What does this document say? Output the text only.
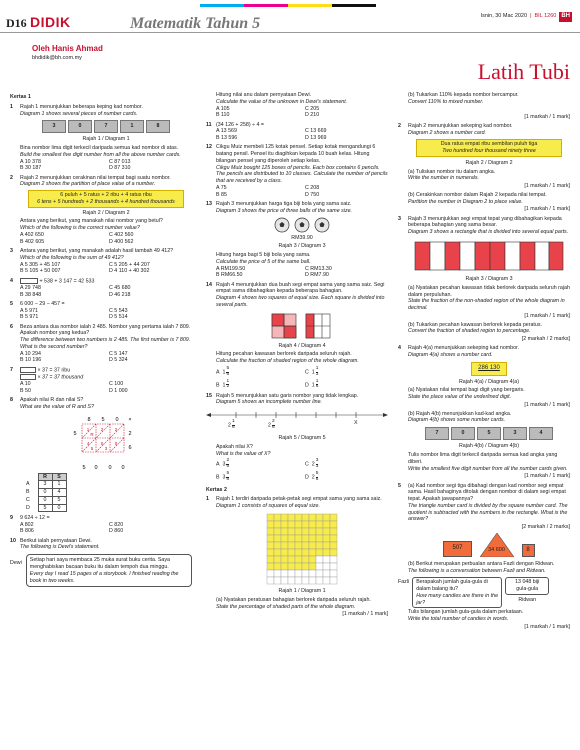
D16 DIDIK	Matematik Tahun 5	Isnin, 30 Mac 2020 | BIL 1260 BH
Oleh Hanis Ahmad
bhdidik@bh.com.my
Latih Tubi
Kertas 1
1 Rajah 1 menunjukkan beberapa keping kad nombor.
Diagram 1 shows several pieces of number cards.
3	0	7	1	8
Rajah 1 / Diagram 1
Bina nombor lima digit terkecil daripada semua kad nombor di atas.
Build the smallest five digit number from all the above number cards.
A 10 378	C 87 013
B 30 187	D 87 310
2 Rajah 2 menunjukkan cerakinan nilai tempat bagi suatu nombor.
Diagram 2 shows the partition of place value of a number.
6 puluh + 5 ratus + 2 ribu + 4 ratus ribu
6 tens + 5 hundreds + 2 thousands + 4 hundred thousands
Rajah 2 / Diagram 2
Antara yang berikut, yang manakah nilai nombor yang betul?
Which of the following is the correct number value?
A 402 650	C 402 560
B 402 605	D 400 562
3 Antara yang berikut, yang manakah adalah hasil tambah 49 412?
Which of the following is the sum of 49 412?
A 5 305 + 45 107	C 5 205 + 44 207
B 5 105 + 50 007	D 4 110 + 40 302
4	+ 538 + 3 147 = 42 533
A 29 748	C 45 680
B 38 848	D 46 218
5 6 000 − 29 − 457 =
A 5 971	C 5 543
B 5 971	D 5 514
6 Beza antara dua nombor ialah 2 485. Nombor yang pertama ialah 7 809.
Apakah nombor yang kedua?
The difference between two numbers is 2 485. The first number is 7 809.
What is the second number?
A 10 294	C 5 147
B 10 196	D 5 324
7	× 37 = 37 ribu
× 37 = 37 thousand
A 10	C 100
B 50	D 1 000
8 Apakah nilai R dan nilai S?
What are the value of R and S?
8 5 0 ×
2
6
5
5 0 0 0
1
R
2	2
4
5
S
3
0
	R	S
A	3	1
B	0	4
C	0	5
D	5	0
9 9 624 ÷ 12 =
A 802	C 820
B 806	D 860
10 Berikut ialah pernyataan Dewi.
The following is Dewi's statement.
Dewi Setiap hari saya membaca 25 muka surat buku cerita. Saya menghabiskan bacaan buku itu dalam tempoh dua minggu.
Every day I read 15 pages of a storybook. I finished reading the book in two weeks.
Hitung nilai anu dalam pernyataan Dewi.
Calculate the value of the unknown in Dewi's statement.
A 105	C 205
B 110	D 210
11 (34 126 + 258) ÷ 4 =
A 13 569	C 13 669
B 13 596	D 13 969
12 Cikgu Muiz membeli 125 kotak pensel. Setiap kotak mengandungi 6 batang pensil. Pensel itu diagihkan kepada 10 buah kelas. Hitung bilangan pensel yang diperoleh setiap kelas.
Cikgu Muiz bought 125 boxes of pencils. Each box contains 6 pencils. The pencils are distributed to 10 classes. Calculate the number of pencils that are received by a class.
A 75	C 208
B 85	D 750
13 Rajah 3 menunjukkan harga tiga biji bola yang sama saiz.
Diagram 3 shows the price of three balls of the same size.
RM39.90
Rajah 3 / Diagram 3
Hitung harga bagi 5 biji bola yang sama.
Calculate the price of 5 of the same ball.
A RM199.50	C RM13.30
B RM66.50	D RM7.90
14 Rajah 4 menunjukkan dua buah segi empat sama yang sama saiz. Segi empat sama dibahagikan kepada beberapa bahagian.
Diagram 4 shows two squares of equal size. Each square is divided into several parts.
Rajah 4 / Diagram 4
Hitung pecahan kawasan berlorek daripada seluruh rajah.
Calculate the fraction of shaded region of the whole diagram.
A $1 \frac{5}{6}$	C $1 \frac{1}{3}$
B $1 \frac{1}{2}$	D $1 \frac{1}{6}$
15 Rajah 5 menunjukkan satu garis nombor yang tidak lengkap.
Diagram 5 shows an incomplete number line.
$2 \frac{1}{6}$	$2 \frac{2}{6}$	X
Rajah 5 / Diagram 5
Apakah nilai X?
What is the value of X?
A $3 \frac{2}{6}$	C $2 \frac{3}{3}$
B $3 \frac{5}{6}$	D $2 \frac{5}{6}$
Kertas 2
1 Rajah 1 terdiri daripada petak-petak segi empat sama yang sama saiz.
Diagram 1 consists of squares of equal size.
Rajah 1 / Diagram 1
(a) Nyatakan peratusan bahagian berlorek daripada seluruh rajah.
State the percentage of shaded parts of the whole diagram.
[1 markah / 1 mark]
(b) Tukarkan 110% kepada nombor bercampur.
Convert 110% to mixed number.
[1 markah / 1 mark]
2 Rajah 2 menunjukkan sekeping kad nombor.
Diagram 2 shows a number card.
Dua ratus empat ribu sembilan puluh tiga
Two hundred four thousand ninety three
Rajah 2 / Diagram 2
(a) Tuliskan nombor itu dalam angka.
Write the number in numerals.
[1 markah / 1 mark]
(b) Cerakinkan nombor dalam Rajah 2 kepada nilai tempat.
Partition the number in Diagram 2 to place value.
[1 markah / 1 mark]
3 Rajah 3 menunjukkan segi empat tepat yang dibahagikan kepada beberapa bahagian yang sama besar.
Diagram 3 shows a rectangle that is divided into several equal parts.
Rajah 3 / Diagram 3
(a) Nyatakan pecahan kawasan tidak berlorek daripada seluruh rajah dalam perpuluhan.
State the fraction of the non-shaded region of the whole diagram in decimal.
[1 markah / 1 mark]
(b) Tukarkan pecahan kawasan berlorek kepada peratus.
Convert the fraction of shaded region to percentage.
[2 markah / 2 marks]
4 Rajah 4(a) menunjukkan sekeping kad nombor.
Diagram 4(a) shows a number card.
286 130
Rajah 4(a) / Diagram 4(a)
(a) Nyatakan nilai tempat bagi digit yang bergaris.
State the place value of the underlined digit.
[1 markah / 1 mark]
(b) Rajah 4(b) menunjukkan kad-kad angka.
Diagram 4(b) shows some number cards.
7	0	5	3	4
Rajah 4(b) / Diagram 4(b)
Tulis nombor lima digit terkecil daripada semua kad angka yang diberi.
Write the smallest five digit number from all the number cards given.
[1 markah / 1 mark]
5 (a) Kad nombor segi tiga dibahagi dengan kad nombor segi empat sama. Hasil bahaginya ditolak dengan nombor di dalam segi empat tepat. Apakah jawapannya?
The triangle number card is divided by the square number card. The quotient is subtracted with the numbers in the rectangle. What is the answer?
[2 markah / 2 marks]
507	34 600	8
(b) Berikut merupakan perbualan antara Fazli dengan Ridwan.
The following is a conversation between Fazli and Ridwan.
Fazli Berapakah jumlah gula-gula di dalam balang itu?
How many candies are there in the jar?
13 048 biji gula-gula
Ridwan
Tulis bilangan jumlah gula-gula dalam perkataan.
Write the total number of candies in words.
[1 markah / 1 mark]
